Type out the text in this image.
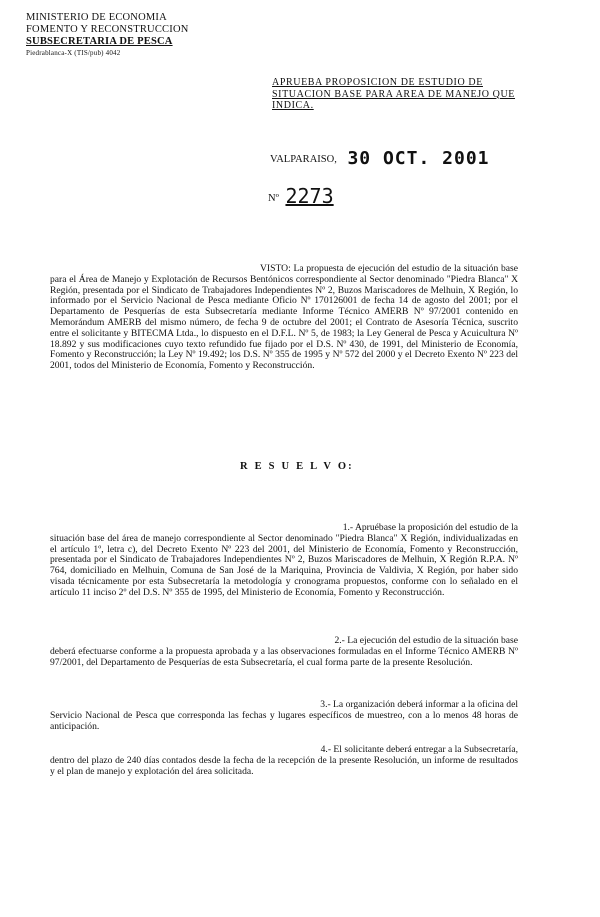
MINISTERIO DE ECONOMIA
FOMENTO Y RECONSTRUCCION
SUBSECRETARIA DE PESCA
Piedrablanca-X (TIS/pub) 4042
APRUEBA PROPOSICION DE ESTUDIO DE SITUACION BASE PARA AREA DE MANEJO QUE INDICA.
VALPARAISO, 30 OCT. 2001
Nº 2273
VISTO: La propuesta de ejecución del estudio de la situación base para el Área de Manejo y Explotación de Recursos Bentónicos correspondiente al Sector denominado "Piedra Blanca" X Región, presentada por el Sindicato de Trabajadores Independientes Nº 2, Buzos Mariscadores de Melhuin, X Región, lo informado por el Servicio Nacional de Pesca mediante Oficio Nº 170126001 de fecha 14 de agosto del 2001; por el Departamento de Pesquerías de esta Subsecretaría mediante Informe Técnico AMERB Nº 97/2001 contenido en Memorándum AMERB del mismo número, de fecha 9 de octubre del 2001; el Contrato de Asesoría Técnica, suscrito entre el solicitante y BITECMA Ltda., lo dispuesto en el D.F.L. Nº 5, de 1983; la Ley General de Pesca y Acuicultura Nº 18.892 y sus modificaciones cuyo texto refundido fue fijado por el D.S. Nº 430, de 1991, del Ministerio de Economía, Fomento y Reconstrucción; la Ley Nº 19.492; los D.S. Nº 355 de 1995 y Nº 572 del 2000 y el Decreto Exento Nº 223 del 2001, todos del Ministerio de Economía, Fomento y Reconstrucción.
R E S U E L V O:
1.- Apruébase la proposición del estudio de la
situación base del área de manejo correspondiente al Sector denominado "Piedra Blanca" X Región, individualizadas en el artículo 1º, letra c), del Decreto Exento Nº 223 del 2001, del Ministerio de Economía, Fomento y Reconstrucción, presentada por el Sindicato de Trabajadores Independientes Nº 2, Buzos Mariscadores de Melhuin, X Región R.P.A. Nº 764, domiciliado en Melhuin, Comuna de San José de la Mariquina, Provincia de Valdivia, X Región, por haber sido visada técnicamente por esta Subsecretaría la metodología y cronograma propuestos, conforme con lo señalado en el artículo 11 inciso 2º del D.S. Nº 355 de 1995, del Ministerio de Economía, Fomento y Reconstrucción.
2.- La ejecución del estudio de la situación base
deberá efectuarse conforme a la propuesta aprobada y a las observaciones formuladas en el Informe Técnico AMERB Nº 97/2001, del Departamento de Pesquerías de esta Subsecretaría, el cual forma parte de la presente Resolución.
3.- La organización deberá informar a la oficina del
Servicio Nacional de Pesca que corresponda las fechas y lugares específicos de muestreo, con a lo menos 48 horas de anticipación.
4.- El solicitante deberá entregar a la Subsecretaría,
dentro del plazo de 240 días contados desde la fecha de la recepción de la presente Resolución, un informe de resultados y el plan de manejo y explotación del área solicitada.
